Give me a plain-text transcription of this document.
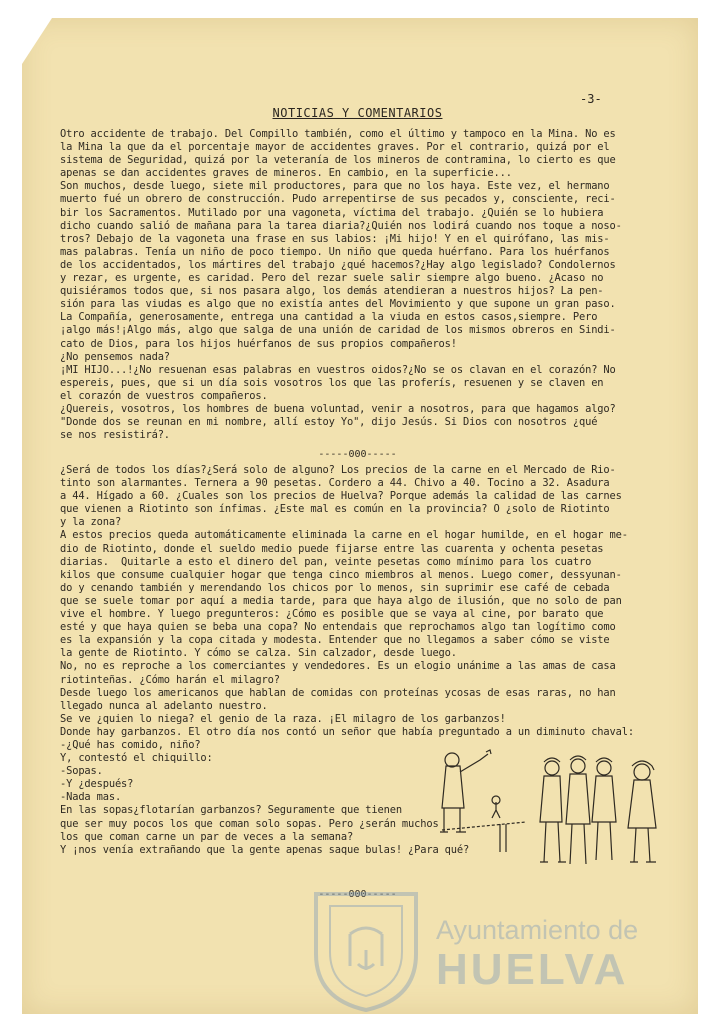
-3-
NOTICIAS Y COMENTARIOS
Otro accidente de trabajo. Del Compillo también, como el último y tampoco en la Mina. No es
la Mina la que da el porcentaje mayor de accidentes graves. Por el contrario, quizá por el
sistema de Seguridad, quizá por la veteranía de los mineros de contramina, lo cierto es que
apenas se dan accidentes graves de mineros. En cambio, en la superficie...
Son muchos, desde luego, siete mil productores, para que no los haya. Este vez, el hermano
muerto fué un obrero de construcción. Pudo arrepentirse de sus pecados y, consciente, reci-
bir los Sacramentos. Mutilado por una vagoneta, víctima del trabajo. ¿Quién se lo hubiera
dicho cuando salió de mañana para la tarea diaria?¿Quién nos lodirá cuando nos toque a noso-
tros? Debajo de la vagoneta una frase en sus labios: ¡Mi hijo! Y en el quirófano, las mis-
mas palabras. Tenía un niño de poco tiempo. Un niño que queda huérfano. Para los huérfanos
de los accidentados, los mártires del trabajo ¿qué hacemos?¿Hay algo legislado? Condolernos
y rezar, es urgente, es caridad. Pero del rezar suele salir siempre algo bueno. ¿Acaso no
quisiéramos todos que, si nos pasara algo, los demás atendieran a nuestros hijos? La pen-
sión para las viudas es algo que no existía antes del Movimiento y que supone un gran paso.
La Compañía, generosamente, entrega una cantidad a la viuda en estos casos,siempre. Pero
¡algo más!¡Algo más, algo que salga de una unión de caridad de los mismos obreros en Sindi-
cato de Dios, para los hijos huérfanos de sus propios compañeros!
¿No pensemos nada?
¡MI HIJO...!¿No resuenan esas palabras en vuestros oidos?¿No se os clavan en el corazón? No
espereis, pues, que si un día sois vosotros los que las proferís, resuenen y se claven en
el corazón de vuestros compañeros.
¿Quereis, vosotros, los hombres de buena voluntad, venir a nosotros, para que hagamos algo?
"Donde dos se reunan en mi nombre, allí estoy Yo", dijo Jesús. Si Dios con nosotros ¿qué
se nos resistirá?.
-----000-----
¿Será de todos los días?¿Será solo de alguno? Los precios de la carne en el Mercado de Rio-
tinto son alarmantes. Ternera a 90 pesetas. Cordero a 44. Chivo a 40. Tocino a 32. Asadura
a 44. Hígado a 60. ¿Cuales son los precios de Huelva? Porque además la calidad de las carnes
que vienen a Riotinto son ínfimas. ¿Este mal es común en la provincia? O ¿solo de Riotinto
y la zona?
A estos precios queda automáticamente eliminada la carne en el hogar humilde, en el hogar me-
dio de Riotinto, donde el sueldo medio puede fijarse entre las cuarenta y ochenta pesetas
diarias.  Quitarle a esto el dinero del pan, veinte pesetas como mínimo para los cuatro
kilos que consume cualquier hogar que tenga cinco miembros al menos. Luego comer, dessyunan-
do y cenando también y merendando los chicos por lo menos, sin suprimir ese café de cebada
que se suele tomar por aquí a media tarde, para que haya algo de ilusión, que no solo de pan
vive el hombre. Y luego pregunteros: ¿Cómo es posible que se vaya al cine, por barato que
esté y que haya quien se beba una copa? No entendais que reprochamos algo tan logítimo como
es la expansión y la copa citada y modesta. Entender que no llegamos a saber cómo se viste
la gente de Riotinto. Y cómo se calza. Sin calzador, desde luego.
No, no es reproche a los comerciantes y vendedores. Es un elogio unánime a las amas de casa
riotinteñas. ¿Cómo harán el milagro?
Desde luego los americanos que hablan de comidas con proteínas ycosas de esas raras, no han
llegado nunca al adelanto nuestro.
Se ve ¿quien lo niega? el genio de la raza. ¡El milagro de los garbanzos!
Donde hay garbanzos. El otro día nos contó un señor que había preguntado a un diminuto chaval:
-¿Qué has comido, niño?
Y, contestó el chiquillo:
-Sopas.
-Y ¿después?
-Nada mas.
En las sopas¿flotarían garbanzos? Seguramente que tienen
que ser muy pocos los que coman solo sopas. Pero ¿serán muchos
los que coman carne un par de veces a la semana?
Y ¡nos venía extrañando que la gente apenas saque bulas! ¿Para qué?
-----000-----
Ayuntamiento de
HUELVA
